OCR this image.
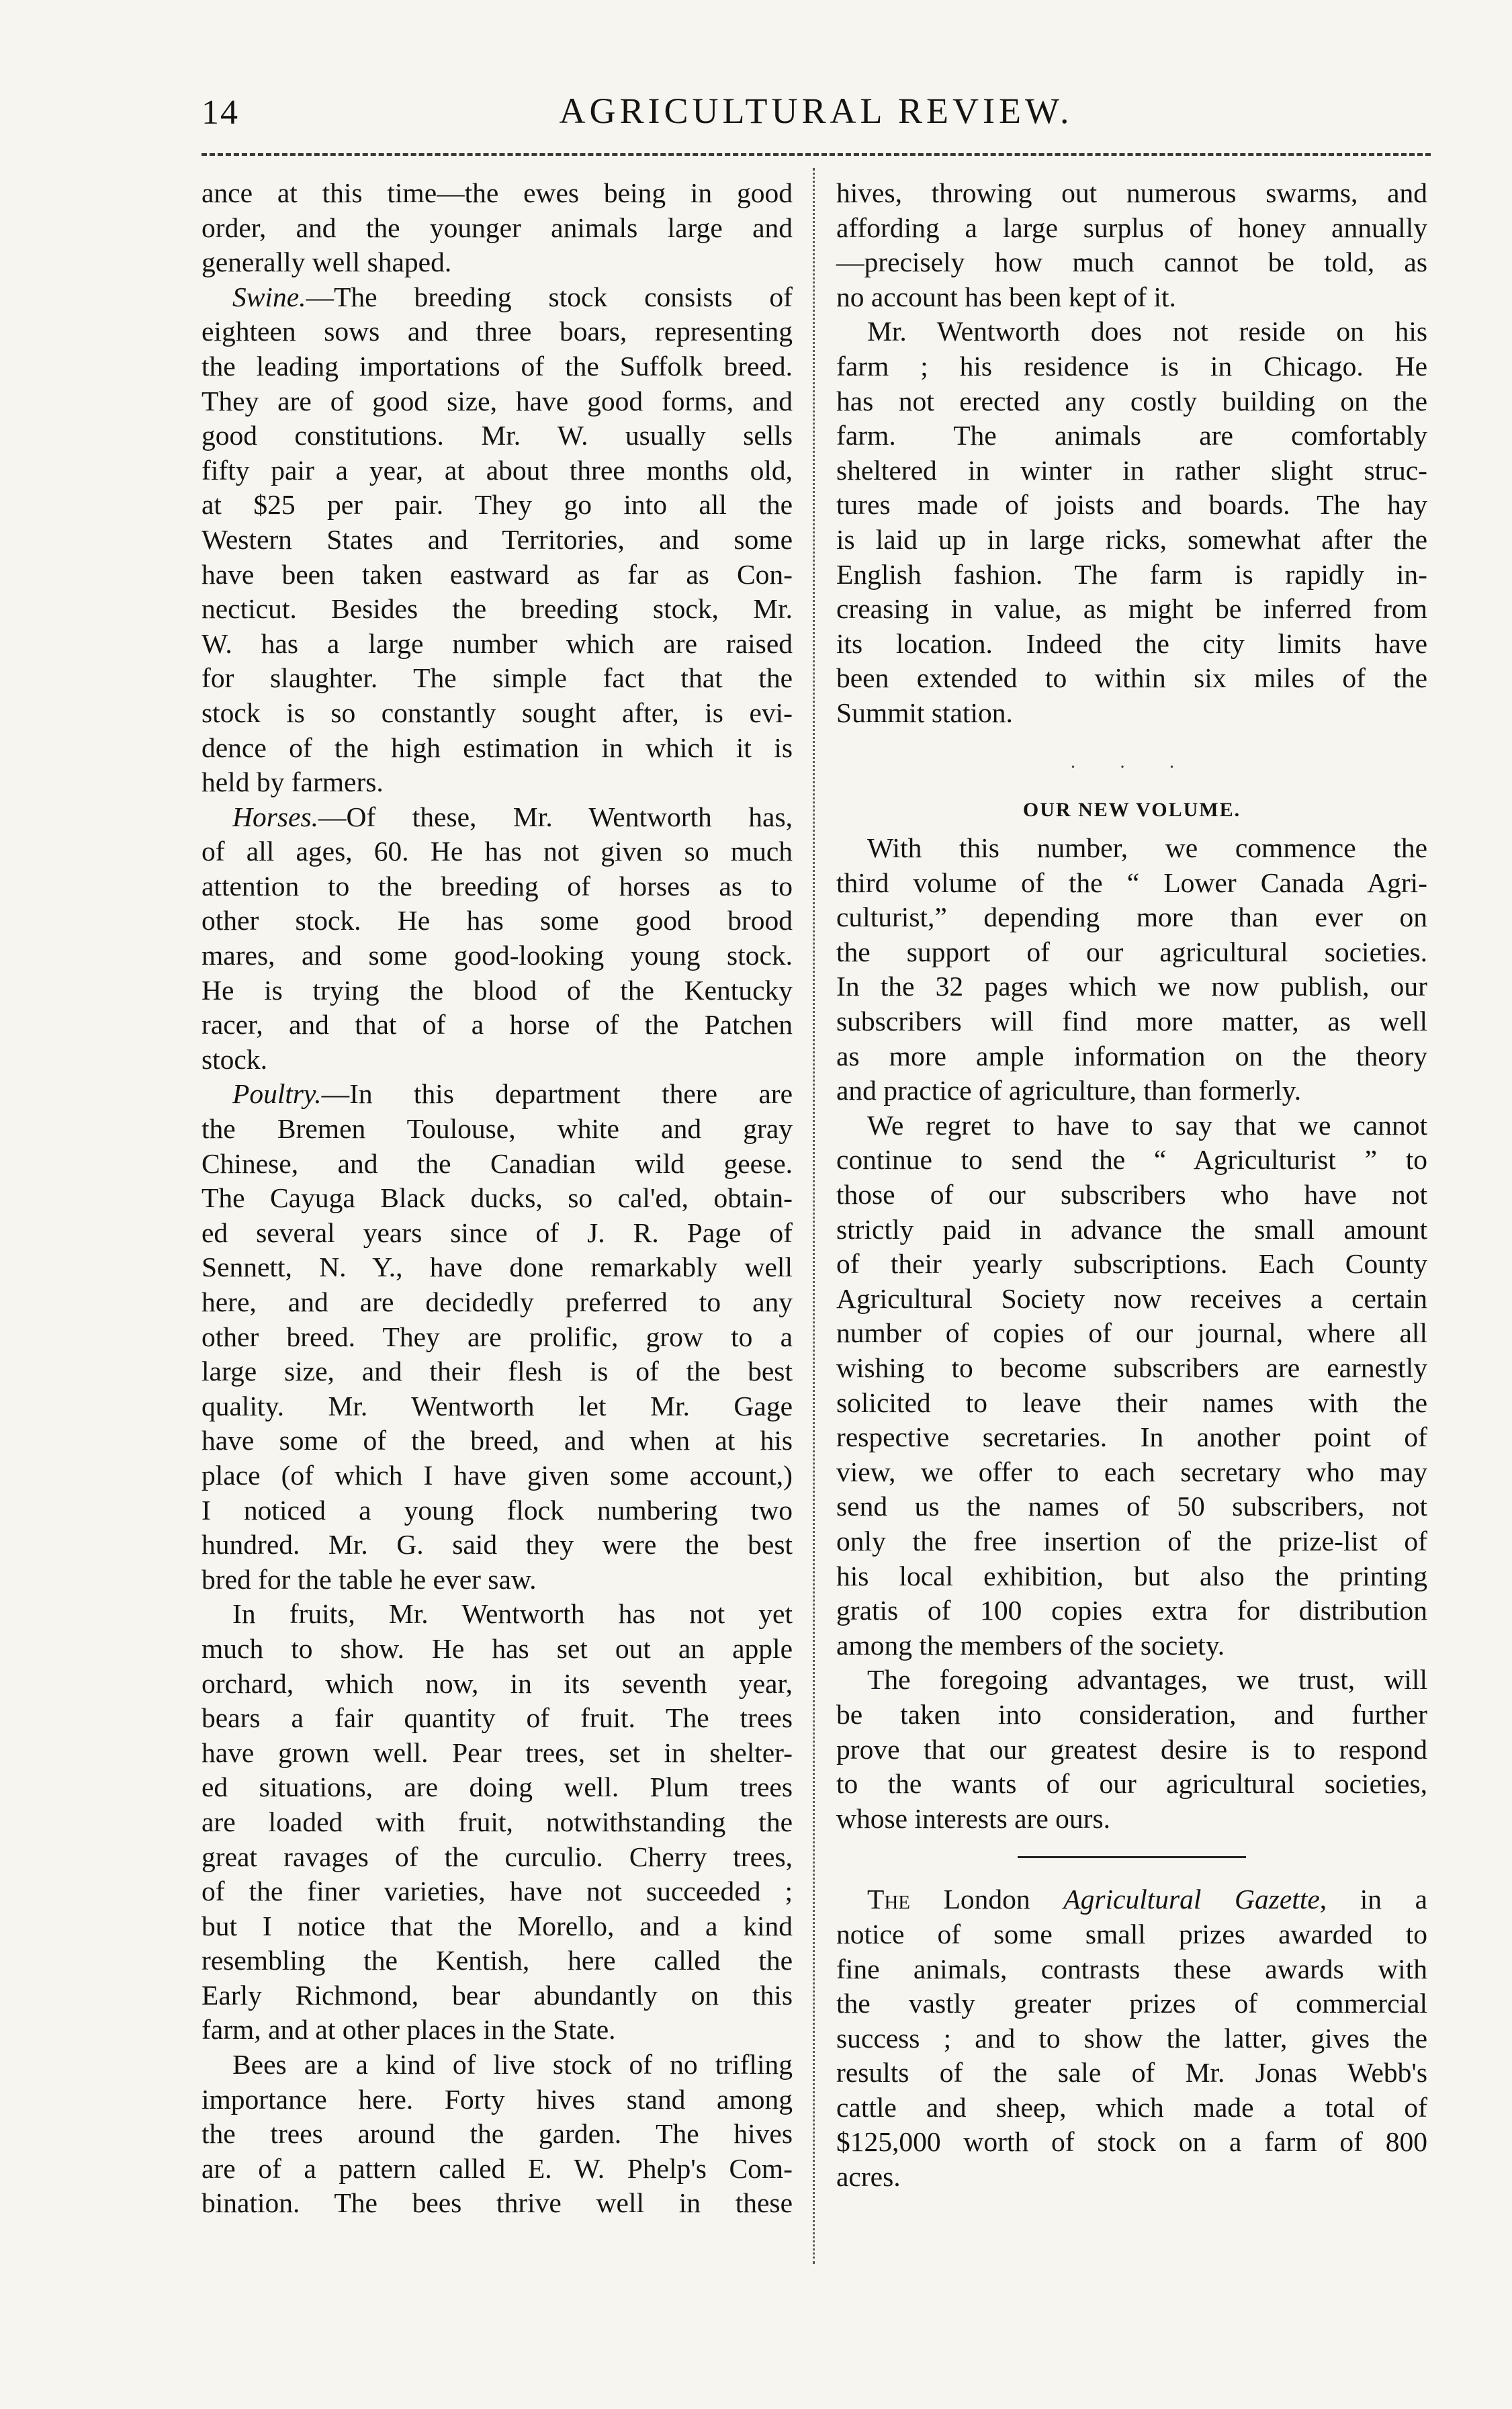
14	AGRICULTURAL REVIEW.
ance at this time—the ewes being in good
order, and the younger animals large and
generally well shaped.
Swine.—The breeding stock consists of
eighteen sows and three boars, representing
the leading importations of the Suffolk breed.
They are of good size, have good forms, and
good constitutions. Mr. W. usually sells
fifty pair a year, at about three months old,
at $25 per pair. They go into all the
Western States and Territories, and some
have been taken eastward as far as Con-
necticut. Besides the breeding stock, Mr.
W. has a large number which are raised
for slaughter. The simple fact that the
stock is so constantly sought after, is evi-
dence of the high estimation in which it is
held by farmers.
Horses.—Of these, Mr. Wentworth has,
of all ages, 60. He has not given so much
attention to the breeding of horses as to
other stock. He has some good brood
mares, and some good-looking young stock.
He is trying the blood of the Kentucky
racer, and that of a horse of the Patchen
stock.
Poultry.—In this department there are
the Bremen Toulouse, white and gray
Chinese, and the Canadian wild geese.
The Cayuga Black ducks, so cal'ed, obtain-
ed several years since of J. R. Page of
Sennett, N. Y., have done remarkably well
here, and are decidedly preferred to any
other breed. They are prolific, grow to a
large size, and their flesh is of the best
quality. Mr. Wentworth let Mr. Gage
have some of the breed, and when at his
place (of which I have given some account,)
I noticed a young flock numbering two
hundred. Mr. G. said they were the best
bred for the table he ever saw.
In fruits, Mr. Wentworth has not yet
much to show. He has set out an apple
orchard, which now, in its seventh year,
bears a fair quantity of fruit. The trees
have grown well. Pear trees, set in shelter-
ed situations, are doing well. Plum trees
are loaded with fruit, notwithstanding the
great ravages of the curculio. Cherry trees,
of the finer varieties, have not succeeded ;
but I notice that the Morello, and a kind
resembling the Kentish, here called the
Early Richmond, bear abundantly on this
farm, and at other places in the State.
Bees are a kind of live stock of no trifling
importance here. Forty hives stand among
the trees around the garden. The hives
are of a pattern called E. W. Phelp's Com-
bination. The bees thrive well in these
hives, throwing out numerous swarms, and
affording a large surplus of honey annually
—precisely how much cannot be told, as
no account has been kept of it.
Mr. Wentworth does not reside on his
farm ; his residence is in Chicago. He
has not erected any costly building on the
farm. The animals are comfortably
sheltered in winter in rather slight struc-
tures made of joists and boards. The hay
is laid up in large ricks, somewhat after the
English fashion. The farm is rapidly in-
creasing in value, as might be inferred from
its location. Indeed the city limits have
been extended to within six miles of the
Summit station.
· · ·
OUR NEW VOLUME.
With this number, we commence the
third volume of the “ Lower Canada Agri-
culturist,” depending more than ever on
the support of our agricultural societies.
In the 32 pages which we now publish, our
subscribers will find more matter, as well
as more ample information on the theory
and practice of agriculture, than formerly.
We regret to have to say that we cannot
continue to send the “ Agriculturist ” to
those of our subscribers who have not
strictly paid in advance the small amount
of their yearly subscriptions. Each County
Agricultural Society now receives a certain
number of copies of our journal, where all
wishing to become subscribers are earnestly
solicited to leave their names with the
respective secretaries. In another point of
view, we offer to each secretary who may
send us the names of 50 subscribers, not
only the free insertion of the prize-list of
his local exhibition, but also the printing
gratis of 100 copies extra for distribution
among the members of the society.
The foregoing advantages, we trust, will
be taken into consideration, and further
prove that our greatest desire is to respond
to the wants of our agricultural societies,
whose interests are ours.
The London Agricultural Gazette, in a
notice of some small prizes awarded to
fine animals, contrasts these awards with
the vastly greater prizes of commercial
success ; and to show the latter, gives the
results of the sale of Mr. Jonas Webb's
cattle and sheep, which made a total of
$125,000 worth of stock on a farm of 800
acres.
